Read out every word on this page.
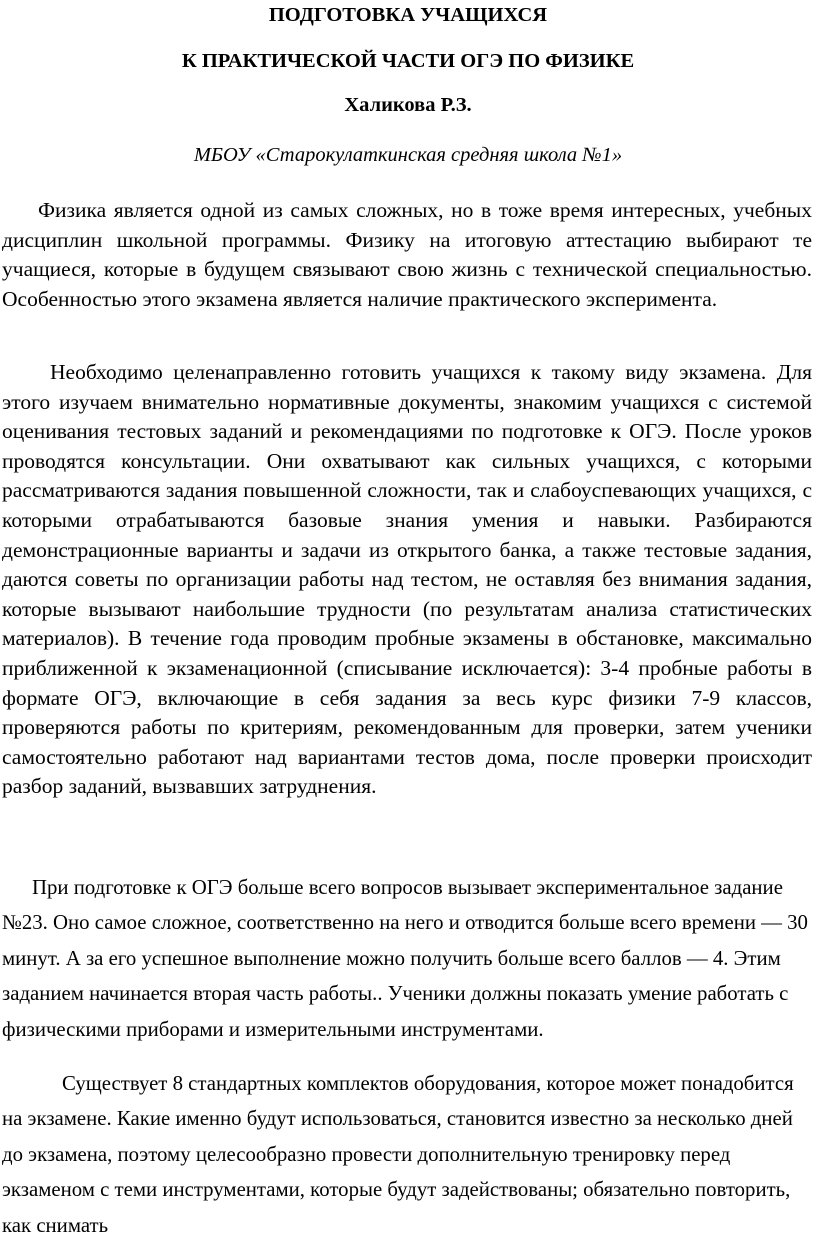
ПОДГОТОВКА УЧАЩИХСЯ

К ПРАКТИЧЕСКОЙ ЧАСТИ ОГЭ ПО ФИЗИКЕ

Халикова Р.З.

МБОУ «Старокулаткинская средняя школа №1»

Физика является одной из самых сложных, но в тоже время интересных, учебных дисциплин школьной программы. Физику на итоговую аттестацию выбирают те учащиеся, которые в будущем связывают свою жизнь с технической специальностью. Особенностью этого экзамена является наличие практического эксперимента.

Необходимо целенаправленно готовить учащихся к такому виду экзамена. Для этого изучаем внимательно нормативные документы, знакомим учащихся с системой оценивания тестовых заданий и рекомендациями по подготовке к ОГЭ. После уроков проводятся консультации. Они охватывают как сильных учащихся, с которыми рассматриваются задания повышенной сложности, так и слабоуспевающих учащихся, с которыми отрабатываются базовые знания умения и навыки. Разбираются демонстрационные варианты и задачи из открытого банка, а также тестовые задания, даются советы по организации работы над тестом, не оставляя без внимания задания, которые вызывают наибольшие трудности (по результатам анализа статистических материалов). В течение года проводим пробные экзамены в обстановке, максимально приближенной к экзаменационной (списывание исключается): 3-4 пробные работы в формате ОГЭ, включающие в себя задания за весь курс физики 7-9 классов, проверяются работы по критериям, рекомендованным для проверки, затем ученики самостоятельно работают над вариантами тестов дома, после проверки происходит разбор заданий, вызвавших затруднения.

При подготовке к ОГЭ больше всего вопросов вызывает экспериментальное задание №23. Оно самое сложное, соответственно на него и отводится больше всего времени — 30 минут. А за его успешное выполнение можно получить больше всего баллов — 4. Этим заданием начинается вторая часть работы.. Ученики должны показать умение работать с физическими приборами и измерительными инструментами.

Существует 8 стандартных комплектов оборудования, которое может понадобится на экзамене. Какие именно будут использоваться, становится известно за несколько дней до экзамена, поэтому целесообразно провести дополнительную тренировку перед экзаменом с теми инструментами, которые будут задействованы; обязательно повторить, как снимать
